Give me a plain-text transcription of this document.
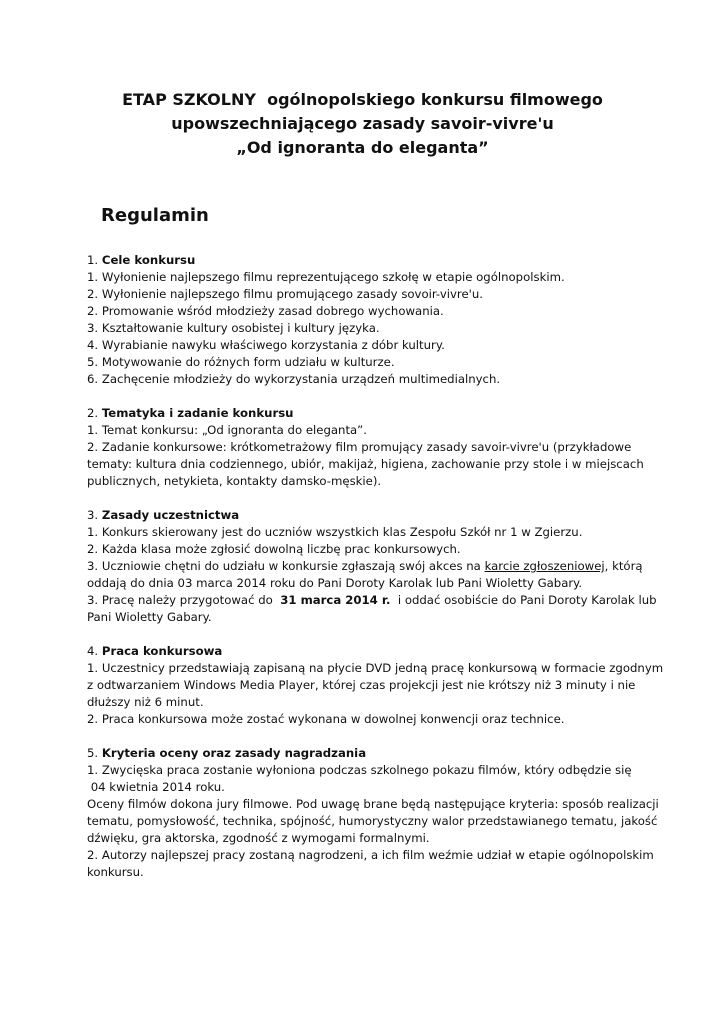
ETAP SZKOLNY  ogólnopolskiego konkursu filmowego

upowszechniającego zasady savoir-vivre'u

„Od ignoranta do eleganta”

Regulamin

1. Cele konkursu
1. Wyłonienie najlepszego filmu reprezentującego szkołę w etapie ogólnopolskim.
2. Wyłonienie najlepszego filmu promującego zasady sovoir-vivre'u.
2. Promowanie wśród młodzieży zasad dobrego wychowania.
3. Kształtowanie kultury osobistej i kultury języka.
4. Wyrabianie nawyku właściwego korzystania z dóbr kultury.
5. Motywowanie do różnych form udziału w kulturze.
6. Zachęcenie młodzieży do wykorzystania urządzeń multimedialnych.
2. Tematyka i zadanie konkursu
1. Temat konkursu: „Od ignoranta do eleganta”.
2. Zadanie konkursowe: krótkometrażowy film promujący zasady savoir-vivre'u (przykładowe
tematy: kultura dnia codziennego, ubiór, makijaż, higiena, zachowanie przy stole i w miejscach
publicznych, netykieta, kontakty damsko-męskie).
3. Zasady uczestnictwa
1. Konkurs skierowany jest do uczniów wszystkich klas Zespołu Szkół nr 1 w Zgierzu.
2. Każda klasa może zgłosić dowolną liczbę prac konkursowych.
3. Uczniowie chętni do udziału w konkursie zgłaszają swój akces na karcie zgłoszeniowej, którą
oddają do dnia 03 marca 2014 roku do Pani Doroty Karolak lub Pani Wioletty Gabary.
3. Pracę należy przygotować do  31 marca 2014 r.  i oddać osobiście do Pani Doroty Karolak lub
Pani Wioletty Gabary.
4. Praca konkursowa
1. Uczestnicy przedstawiają zapisaną na płycie DVD jedną pracę konkursową w formacie zgodnym
z odtwarzaniem Windows Media Player, której czas projekcji jest nie krótszy niż 3 minuty i nie
dłuższy niż 6 minut.
2. Praca konkursowa może zostać wykonana w dowolnej konwencji oraz technice.
5. Kryteria oceny oraz zasady nagradzania
1. Zwycięska praca zostanie wyłoniona podczas szkolnego pokazu filmów, który odbędzie się
04 kwietnia 2014 roku.
Oceny filmów dokona jury filmowe. Pod uwagę brane będą następujące kryteria: sposób realizacji
tematu, pomysłowość, technika, spójność, humorystyczny walor przedstawianego tematu, jakość
dźwięku, gra aktorska, zgodność z wymogami formalnymi.
2. Autorzy najlepszej pracy zostaną nagrodzeni, a ich film weźmie udział w etapie ogólnopolskim
konkursu.
